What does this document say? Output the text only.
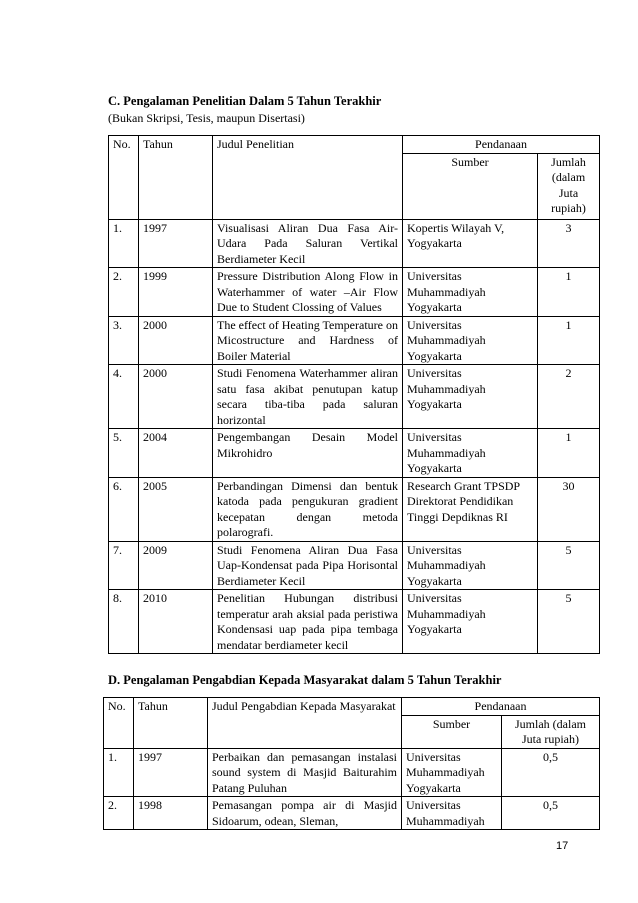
C. Pengalaman Penelitian Dalam 5 Tahun Terakhir
(Bukan Skripsi, Tesis, maupun Disertasi)
No.	Tahun	Judul Penelitian	Pendanaan	
			Sumber	Jumlah (dalam Juta rupiah)
1.	1997	Visualisasi Aliran Dua Fasa Air-Udara Pada Saluran Vertikal Berdiameter Kecil	Kopertis Wilayah V, Yogyakarta	3
2.	1999	Pressure Distribution Along Flow in Waterhammer of water –Air Flow Due to Student Clossing of Values	Universitas Muhammadiyah Yogyakarta	1
3.	2000	The effect of Heating Temperature on Micostructure and Hardness of Boiler Material	Universitas Muhammadiyah Yogyakarta	1
4.	2000	Studi Fenomena Waterhammer aliran satu fasa akibat penutupan katup secara tiba-tiba pada saluran horizontal	Universitas Muhammadiyah Yogyakarta	2
5.	2004	Pengembangan Desain Model Mikrohidro	Universitas Muhammadiyah Yogyakarta	1
6.	2005	Perbandingan Dimensi dan bentuk katoda pada pengukuran gradient kecepatan dengan metoda polarografi.	Research Grant TPSDP Direktorat Pendidikan Tinggi Depdiknas RI	30
7.	2009	Studi Fenomena Aliran Dua Fasa Uap-Kondensat pada Pipa Horisontal Berdiameter Kecil	Universitas Muhammadiyah Yogyakarta	5
8.	2010	Penelitian Hubungan distribusi temperatur arah aksial pada peristiwa Kondensasi uap pada pipa tembaga mendatar berdiameter kecil	Universitas Muhammadiyah Yogyakarta	5
D. Pengalaman Pengabdian Kepada Masyarakat dalam 5 Tahun Terakhir
No.	Tahun	Judul Pengabdian Kepada Masyarakat	Pendanaan	
			Sumber	Jumlah (dalam Juta rupiah)
1.	1997	Perbaikan dan pemasangan instalasi sound system di Masjid Baiturahim Patang Puluhan	Universitas Muhammadiyah Yogyakarta	0,5
2.	1998	Pemasangan pompa air di Masjid Sidoarum, odean, Sleman,	Universitas Muhammadiyah	0,5
17
